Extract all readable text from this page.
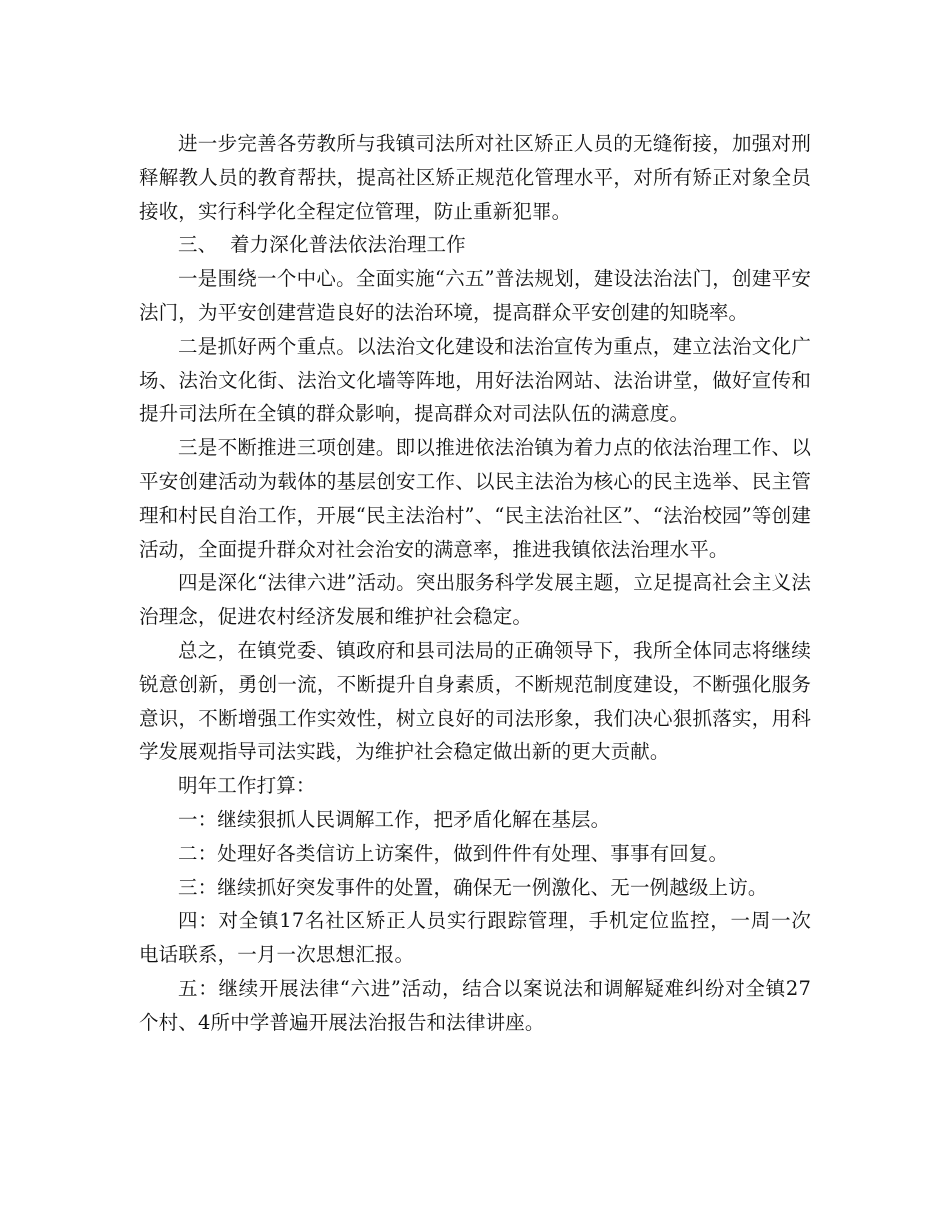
进一步完善各劳教所与我镇司法所对社区矫正人员的无缝衔接，加强对刑释解教人员的教育帮扶，提高社区矫正规范化管理水平，对所有矫正对象全员接收，实行科学化全程定位管理，防止重新犯罪。

三、  着力深化普法依法治理工作

一是围绕一个中心。全面实施“六五”普法规划，建设法治法门，创建平安法门，为平安创建营造良好的法治环境，提高群众平安创建的知晓率。

二是抓好两个重点。以法治文化建设和法治宣传为重点，建立法治文化广场、法治文化街、法治文化墙等阵地，用好法治网站、法治讲堂，做好宣传和提升司法所在全镇的群众影响，提高群众对司法队伍的满意度。

三是不断推进三项创建。即以推进依法治镇为着力点的依法治理工作、以平安创建活动为载体的基层创安工作、以民主法治为核心的民主选举、民主管理和村民自治工作，开展“民主法治村”、“民主法治社区”、“法治校园”等创建活动，全面提升群众对社会治安的满意率，推进我镇依法治理水平。

四是深化“法律六进”活动。突出服务科学发展主题，立足提高社会主义法治理念，促进农村经济发展和维护社会稳定。

总之，在镇党委、镇政府和县司法局的正确领导下，我所全体同志将继续锐意创新，勇创一流，不断提升自身素质，不断规范制度建设，不断强化服务意识，不断增强工作实效性，树立良好的司法形象，我们决心狠抓落实，用科学发展观指导司法实践，为维护社会稳定做出新的更大贡献。

明年工作打算：

一：继续狠抓人民调解工作，把矛盾化解在基层。

二：处理好各类信访上访案件，做到件件有处理、事事有回复。

三：继续抓好突发事件的处置，确保无一例激化、无一例越级上访。

四：对全镇17名社区矫正人员实行跟踪管理，手机定位监控，一周一次电话联系，一月一次思想汇报。

五：继续开展法律“六进”活动，结合以案说法和调解疑难纠纷对全镇27个村、4所中学普遍开展法治报告和法律讲座。
